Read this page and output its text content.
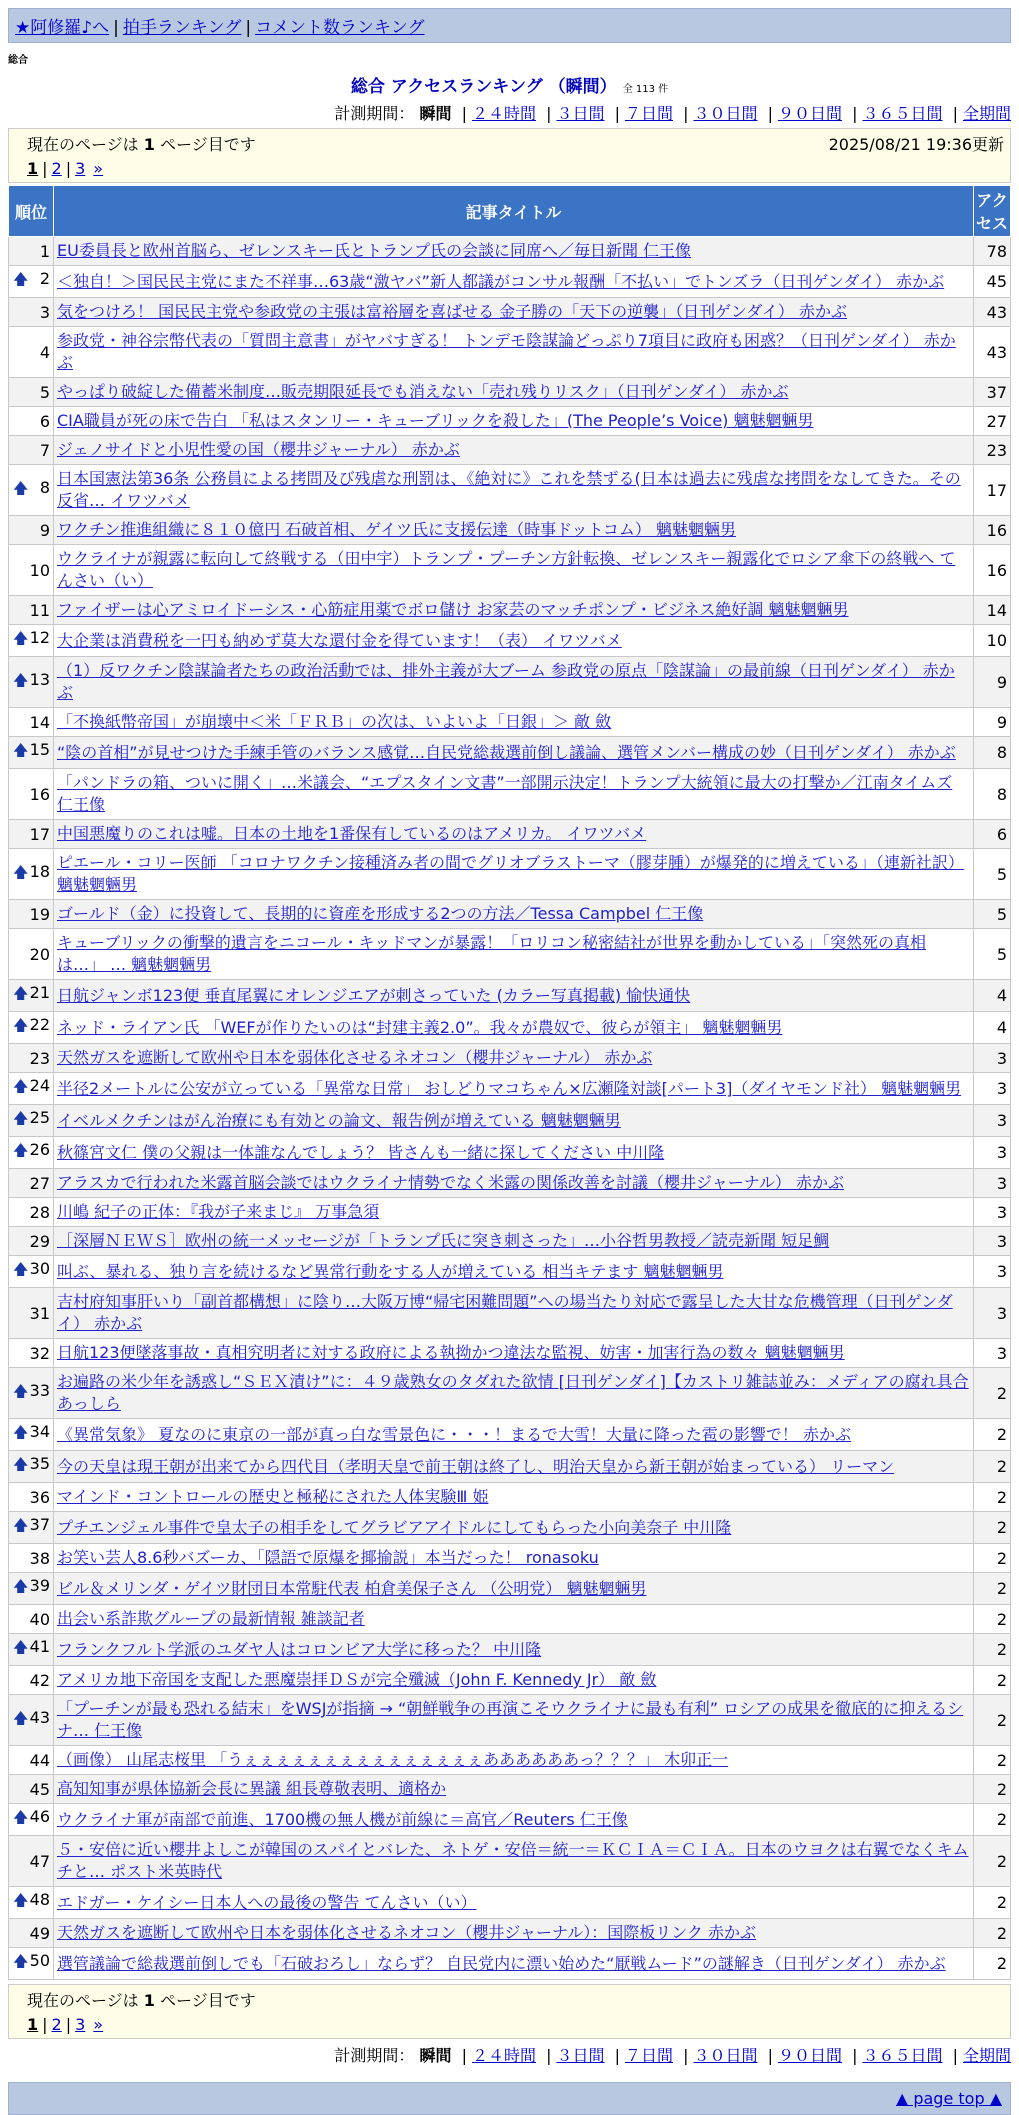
★阿修羅♪へ | 拍手ランキング | コメント数ランキング
総合
総合 アクセスランキング （瞬間） 全 113 件
計測期間： 瞬間 | ２４時間 | ３日間 | ７日間 | ３０日間 | ９０日間 | ３６５日間 | 全期間
現在のページは 1 ページ目です	2025/08/21 19:36更新
1 | 2 | 3 »
順位	記事タイトル	アクセス
1	EU委員長と欧州首脳ら、ゼレンスキー氏とトランプ氏の会談に同席へ／毎日新聞 仁王像	78

🡅 2	＜独自！＞国民民主党にまた不祥事…63歳“激ヤバ”新人都議がコンサル報酬「不払い」でトンズラ（日刊ゲンダイ） 赤かぶ	45
3	気をつけろ！ 国民民主党や参政党の主張は富裕層を喜ばせる 金子勝の「天下の逆襲」（日刊ゲンダイ） 赤かぶ	43
4	参政党・神谷宗幣代表の「質問主意書」がヤバすぎる！ トンデモ陰謀論どっぷり7項目に政府も困惑？（日刊ゲンダイ） 赤かぶ	43
5	やっぱり破綻した備蓄米制度…販売期限延長でも消えない「売れ残りリスク」（日刊ゲンダイ） 赤かぶ	37
6	CIA職員が死の床で告白 「私はスタンリー・キューブリックを殺した」(The People’s Voice) 魑魅魍魎男	27
7	ジェノサイドと小児性愛の国（櫻井ジャーナル） 赤かぶ	23

🡅 8	日本国憲法第36条 公務員による拷問及び残虐な刑罰は、《絶対に》これを禁ずる(日本は過去に残虐な拷問をなしてきた。その反省… イワツバメ	17
9	ワクチン推進組織に８１０億円 石破首相、ゲイツ氏に支援伝達（時事ドットコム） 魑魅魍魎男	16
10	ウクライナが親露に転向して終戦する（田中宇）トランプ・プーチン方針転換、ゼレンスキー親露化でロシア傘下の終戦へ てんさい（い）	16
11	ファイザーは心アミロイドーシス・心筋症用薬でボロ儲け お家芸のマッチポンプ・ビジネス絶好調 魑魅魍魎男	14

🡅 12	大企業は消費税を一円も納めず莫大な還付金を得ています！（表） イワツバメ	10

🡅 13	（1）反ワクチン陰謀論者たちの政治活動では、排外主義が大ブーム 参政党の原点「陰謀論」の最前線（日刊ゲンダイ） 赤かぶ	9
14	「不換紙幣帝国」が崩壊中＜米「ＦＲＢ」の次は、いよいよ「日銀」＞ 敵 斂	9

🡅 15	“陰の首相”が見せつけた手練手管のバランス感覚…自民党総裁選前倒し議論、選管メンバー構成の妙（日刊ゲンダイ） 赤かぶ	8
16	「パンドラの箱、ついに開く」…米議会、“エプスタイン文書”一部開示決定！トランプ大統領に最大の打撃か／江南タイムズ 仁王像	8
17	中国悪魔りのこれは嘘。日本の土地を1番保有しているのはアメリカ。 イワツバメ	6

🡅 18	ピエール・コリー医師 「コロナワクチン接種済み者の間でグリオブラストーマ（膠芽腫）が爆発的に増えている」（連新社訳） 魑魅魍魎男	5
19	ゴールド（金）に投資して、長期的に資産を形成する2つの方法／Tessa Campbel 仁王像	5
20	キューブリックの衝撃的遺言をニコール・キッドマンが暴露！「ロリコン秘密結社が世界を動かしている」「突然死の真相は…」 … 魑魅魍魎男	5

🡅 21	日航ジャンボ123便 垂直尾翼にオレンジエアが刺さっていた (カラー写真掲載) 愉快通快	4

🡅 22	ネッド・ライアン氏 「WEFが作りたいのは“封建主義2.0”。我々が農奴で、彼らが領主」 魑魅魍魎男	4
23	天然ガスを遮断して欧州や日本を弱体化させるネオコン（櫻井ジャーナル） 赤かぶ	3

🡅 24	半径2メートルに公安が立っている「異常な日常」 おしどりマコちゃん×広瀬隆対談[パート3]（ダイヤモンド社） 魑魅魍魎男	3

🡅 25	イベルメクチンはがん治療にも有効との論文、報告例が増えている 魑魅魍魎男	3

🡅 26	秋篠宮文仁 僕の父親は一体誰なんでしょう？ 皆さんも一緒に探してください 中川隆	3
27	アラスカで行われた米露首脳会談ではウクライナ情勢でなく米露の関係改善を討議（櫻井ジャーナル） 赤かぶ	3
28	川嶋 紀子の正体：『我が子来まじ』 万事急須	3
29	［深層ＮＥＷＳ］欧州の統一メッセージが「トランプ氏に突き刺さった」…小谷哲男教授／読売新聞 短足鯛	3

🡅 30	叫ぶ、暴れる、独り言を続けるなど異常行動をする人が増えている 相当キテます 魑魅魍魎男	3
31	吉村府知事肝いり「副首都構想」に陰り…大阪万博“帰宅困難問題”への場当たり対応で露呈した大甘な危機管理（日刊ゲンダイ） 赤かぶ	3
32	日航123便墜落事故・真相究明者に対する政府による執拗かつ違法な監視、妨害・加害行為の数々 魑魅魍魎男	3

🡅 33	お遍路の米少年を誘惑し“ＳＥＸ漬け”に：４９歳熟女のタダれた欲情 [日刊ゲンダイ]【カストリ雑誌並み：メディアの腐れ具合 あっしら	2

🡅 34	《異常気象》 夏なのに東京の一部が真っ白な雪景色に・・・！まるで大雪！大量に降った雹の影響で！ 赤かぶ	2

🡅 35	今の天皇は現王朝が出来てから四代目（孝明天皇で前王朝は終了し、明治天皇から新王朝が始まっている） リーマン	2
36	マインド・コントロールの歴史と極秘にされた人体実験Ⅲ 姫	2

🡅 37	プチエンジェル事件で皇太子の相手をしてグラビアアイドルにしてもらった小向美奈子 中川隆	2
38	お笑い芸人8.6秒バズーカ、「隠語で原爆を揶揄説」本当だった！ ronasoku	2

🡅 39	ビル＆メリンダ・ゲイツ財団日本常駐代表 柏倉美保子さん （公明党） 魑魅魍魎男	2
40	出会い系詐欺グループの最新情報 雑談記者	2

🡅 41	フランクフルト学派のユダヤ人はコロンビア大学に移った？ 中川隆	2
42	アメリカ地下帝国を支配した悪魔崇拝ＤＳが完全殲滅（John F. Kennedy Jr） 敵 斂	2

🡅 43	「プーチンが最も恐れる結末」をWSJが指摘 → “朝鮮戦争の再演こそウクライナに最も有利” ロシアの成果を徹底的に抑えるシナ… 仁王像	2
44	（画像） 山尾志桜里 「うぇぇぇぇぇぇぇぇぇぇぇぇぇぇぇああああああっ？？？」 木卯正一	2
45	高知知事が県体協新会長に異議 組長尊敬表明、適格か	2

🡅 46	ウクライナ軍が南部で前進、1700機の無人機が前線に＝高官／Reuters 仁王像	2
47	５・安倍に近い櫻井よしこが韓国のスパイとバレた、ネトゲ・安倍＝統一＝ＫＣＩＡ＝ＣＩＡ。日本のウヨクは右翼でなくキムチと… ポスト米英時代	2

🡅 48	エドガー・ケイシー日本人への最後の警告 てんさい（い）	2
49	天然ガスを遮断して欧州や日本を弱体化させるネオコン（櫻井ジャーナル）：国際板リンク 赤かぶ	2

🡅 50	選管議論で総裁選前倒しでも「石破おろし」ならず？ 自民党内に漂い始めた“厭戦ムード”の謎解き（日刊ゲンダイ） 赤かぶ	2
現在のページは 1 ページ目です
1 | 2 | 3 »
計測期間： 瞬間 | ２４時間 | ３日間 | ７日間 | ３０日間 | ９０日間 | ３６５日間 | 全期間
▲ page top ▲
